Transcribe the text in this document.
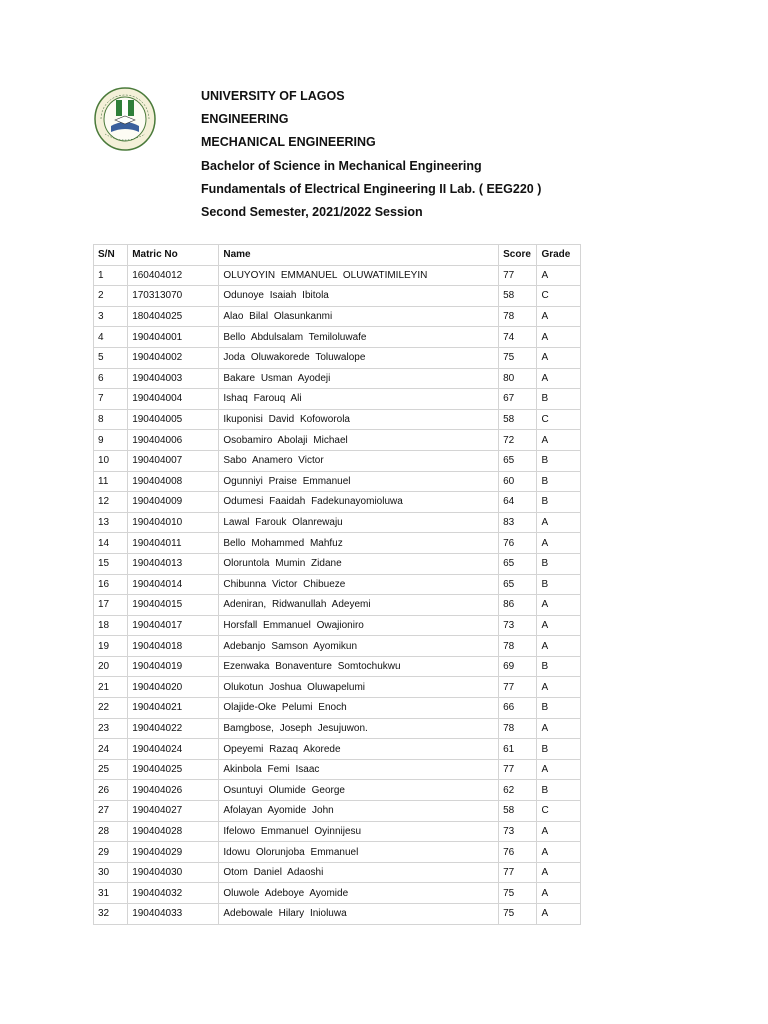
UNIVERSITY OF LAGOS
ENGINEERING
MECHANICAL ENGINEERING
Bachelor of Science in Mechanical Engineering
Fundamentals of Electrical Engineering II Lab. ( EEG220 )
Second Semester, 2021/2022 Session
S/N	Matric No	Name	Score	Grade
1	160404012	OLUYOYIN EMMANUEL OLUWATIMILEYIN	77	A
2	170313070	Odunoye Isaiah Ibitola	58	C
3	180404025	Alao Bilal Olasunkanmi	78	A
4	190404001	Bello Abdulsalam Temiloluwafe	74	A
5	190404002	Joda Oluwakorede Toluwalope	75	A
6	190404003	Bakare Usman Ayodeji	80	A
7	190404004	Ishaq Farouq Ali	67	B
8	190404005	Ikuponisi David Kofoworola	58	C
9	190404006	Osobamiro Abolaji Michael	72	A
10	190404007	Sabo Anamero Victor	65	B
11	190404008	Ogunniyi Praise Emmanuel	60	B
12	190404009	Odumesi Faaidah Fadekunayomioluwa	64	B
13	190404010	Lawal Farouk Olanrewaju	83	A
14	190404011	Bello Mohammed Mahfuz	76	A
15	190404013	Oloruntola Mumin Zidane	65	B
16	190404014	Chibunna Victor Chibueze	65	B
17	190404015	Adeniran, Ridwanullah Adeyemi	86	A
18	190404017	Horsfall Emmanuel Owajioniro	73	A
19	190404018	Adebanjo Samson Ayomikun	78	A
20	190404019	Ezenwaka Bonaventure Somtochukwu	69	B
21	190404020	Olukotun Joshua Oluwapelumi	77	A
22	190404021	Olajide-Oke Pelumi Enoch	66	B
23	190404022	Bamgbose, Joseph Jesujuwon.	78	A
24	190404024	Opeyemi Razaq Akorede	61	B
25	190404025	Akinbola Femi Isaac	77	A
26	190404026	Osuntuyi Olumide George	62	B
27	190404027	Afolayan Ayomide John	58	C
28	190404028	Ifelowo Emmanuel Oyinnijesu	73	A
29	190404029	Idowu Olorunjoba Emmanuel	76	A
30	190404030	Otom Daniel Adaoshi	77	A
31	190404032	Oluwole Adeboye Ayomide	75	A
32	190404033	Adebowale Hilary Inioluwa	75	A
